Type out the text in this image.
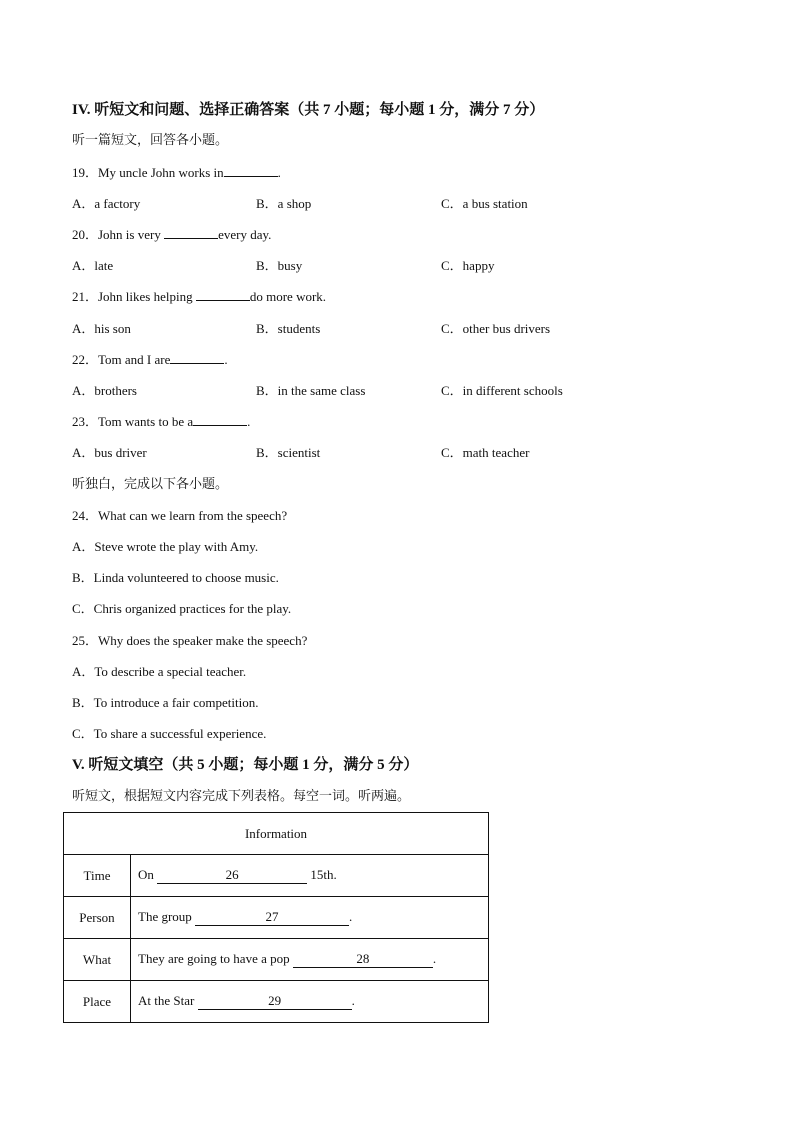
IV. 听短文和问题、选择正确答案（共 7 小题；每小题 1 分，满分 7 分）
听一篇短文，回答各小题。
19．My uncle John works in	.
A．a factory	B．a shop	C．a bus station
20．John is very	every day.
A．late	B．busy	C．happy
21．John likes helping	do more work.
A．his son	B．students	C．other bus drivers
22．Tom and I are	.
A．brothers	B．in the same class	C．in different schools
23．Tom wants to be a	.
A．bus driver	B．scientist	C．math teacher
听独白，完成以下各小题。
24．What can we learn from the speech?
A．Steve wrote the play with Amy.
B．Linda volunteered to choose music.
C．Chris organized practices for the play.
25．Why does the speaker make the speech?
A．To describe a special teacher.
B．To introduce a fair competition.
C．To share a successful experience.
V. 听短文填空（共 5 小题；每小题 1 分，满分 5 分）
听短文，根据短文内容完成下列表格。每空一词。听两遍。
Information	
Time	On 26 15th.
Person	The group 27 .
What	They are going to have a pop 28 .
Place	At the Star 29 .
